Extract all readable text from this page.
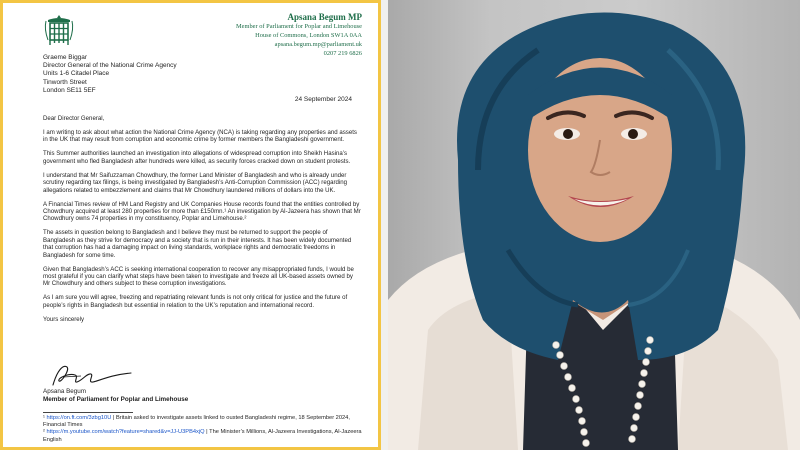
Apsana Begum MP
Member of Parliament for Poplar and Limehouse
House of Commons, London SW1A 0AA
apsana.begum.mp@parliament.uk
0207 219 6826
Graeme Biggar
Director General of the National Crime Agency
Units 1-6 Citadel Place
Tinworth Street
London SE11 5EF
24 September 2024

Dear Director General,

I am writing to ask about what action the National Crime Agency (NCA) is taking regarding any properties and assets in the UK that may result from corruption and economic crime by former members the Bangladeshi government.

This Summer authorities launched an investigation into allegations of widespread corruption into Sheikh Hasina’s government who fled Bangladesh after hundreds were killed, as security forces cracked down on student protests.

I understand that Mr Saifuzzaman Chowdhury, the former Land Minister of Bangladesh and who is already under scrutiny regarding tax filings, is being investigated by Bangladesh’s Anti-Corruption Commission (ACC) regarding allegations related to embezzlement and claims that Mr Chowdhury laundered millions of dollars into the UK.

A Financial Times review of HM Land Registry and UK Companies House records found that the entities controlled by Chowdhury acquired at least 280 properties for more than £150mn.¹ An investigation by Al-Jazeera has shown that Mr Chowdhury owns 74 properties in my constituency, Poplar and Limehouse.²

The assets in question belong to Bangladesh and I believe they must be returned to support the people of Bangladesh as they strive for democracy and a society that is run in their interests. It has been widely documented that corruption has had a damaging impact on living standards, workplace rights and democratic freedoms in Bangladesh for some time.

Given that Bangladesh’s ACC is seeking international cooperation to recover any misappropriated funds, I would be most grateful if you can clarify what steps have been taken to investigate and freeze all UK-based assets owned by Mr Chowdhury and others subject to these corruption investigations.

As I am sure you will agree, freezing and repatriating relevant funds is not only critical for justice and the future of people’s rights in Bangladesh but essential in relation to the UK’s reputation and international record.

Yours sincerely

Apsana Begum
Member of Parliament for Poplar and Limehouse
¹ https://on.ft.com/3zbg10U | Britain asked to investigate assets linked to ousted Bangladeshi regime, 18 September 2024, Financial Times
² https://m.youtube.com/watch?feature=shared&v=JJ-U3PB4xjQ | The Minister’s Millions, Al-Jazeera Investigations, Al-Jazeera English
